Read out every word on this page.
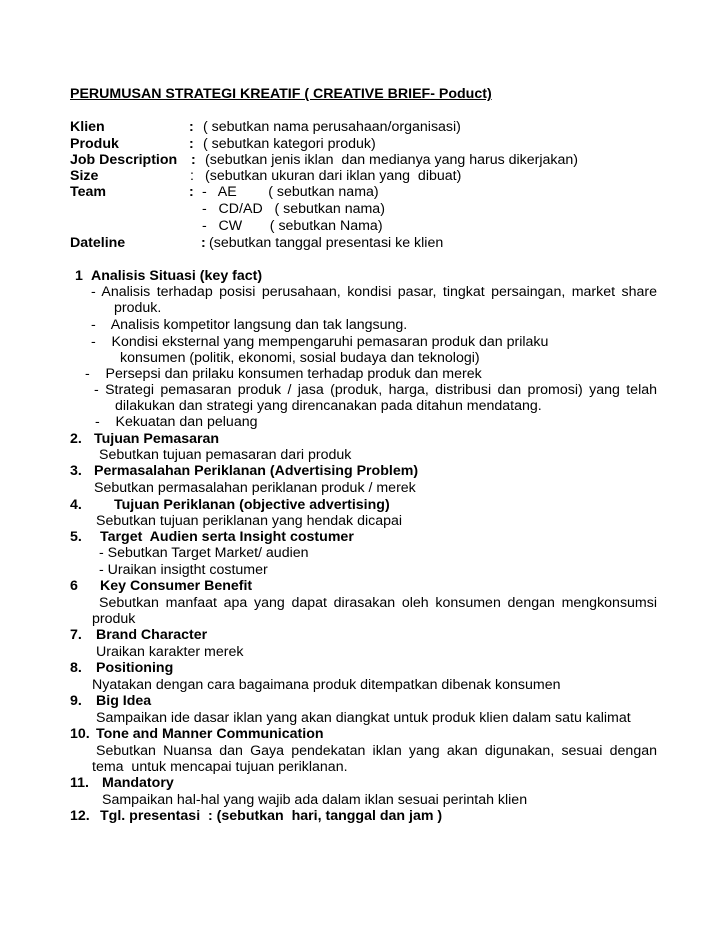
PERUMUSAN STRATEGI KREATIF ( CREATIVE BRIEF- Poduct)
Klien	: ( sebutkan nama perusahaan/organisasi)
Produk	: ( sebutkan kategori produk)
Job Description : (sebutkan jenis iklan  dan medianya yang harus dikerjakan)
Size	: (sebutkan ukuran dari iklan yang  dibuat)
Team	: -   AE        ( sebutkan nama)
-   CD/AD   ( sebutkan nama)
-   CW       ( sebutkan Nama)
Dateline	: (sebutkan tanggal presentasi ke klien
1 Analisis Situasi (key fact)
- Analisis terhadap posisi perusahaan, kondisi pasar, tingkat persaingan, market share
produk.
-    Analisis kompetitor langsung dan tak langsung.
-    Kondisi eksternal yang mempengaruhi pemasaran produk dan prilaku
konsumen (politik, ekonomi, sosial budaya dan teknologi)
-    Persepsi dan prilaku konsumen terhadap produk dan merek
- Strategi pemasaran produk / jasa (produk, harga, distribusi dan promosi) yang telah
dilakukan dan strategi yang direncanakan pada ditahun mendatang.
-    Kekuatan dan peluang
2. Tujuan Pemasaran
Sebutkan tujuan pemasaran dari produk
3. Permasalahan Periklanan (Advertising Problem)
Sebutkan permasalahan periklanan produk / merek
4. Tujuan Periklanan (objective advertising)
Sebutkan tujuan periklanan yang hendak dicapai
5. Target  Audien serta Insight costumer
- Sebutkan Target Market/ audien
- Uraikan insigtht costumer
6 Key Consumer Benefit
Sebutkan manfaat apa yang dapat dirasakan oleh konsumen dengan mengkonsumsi
produk
7. Brand Character
Uraikan karakter merek
8. Positioning
Nyatakan dengan cara bagaimana produk ditempatkan dibenak konsumen
9. Big Idea
Sampaikan ide dasar iklan yang akan diangkat untuk produk klien dalam satu kalimat
10. Tone and Manner Communication
Sebutkan Nuansa dan Gaya pendekatan iklan yang akan digunakan, sesuai dengan
tema  untuk mencapai tujuan periklanan.
11. Mandatory
Sampaikan hal-hal yang wajib ada dalam iklan sesuai perintah klien
12. Tgl. presentasi  : (sebutkan  hari, tanggal dan jam )
